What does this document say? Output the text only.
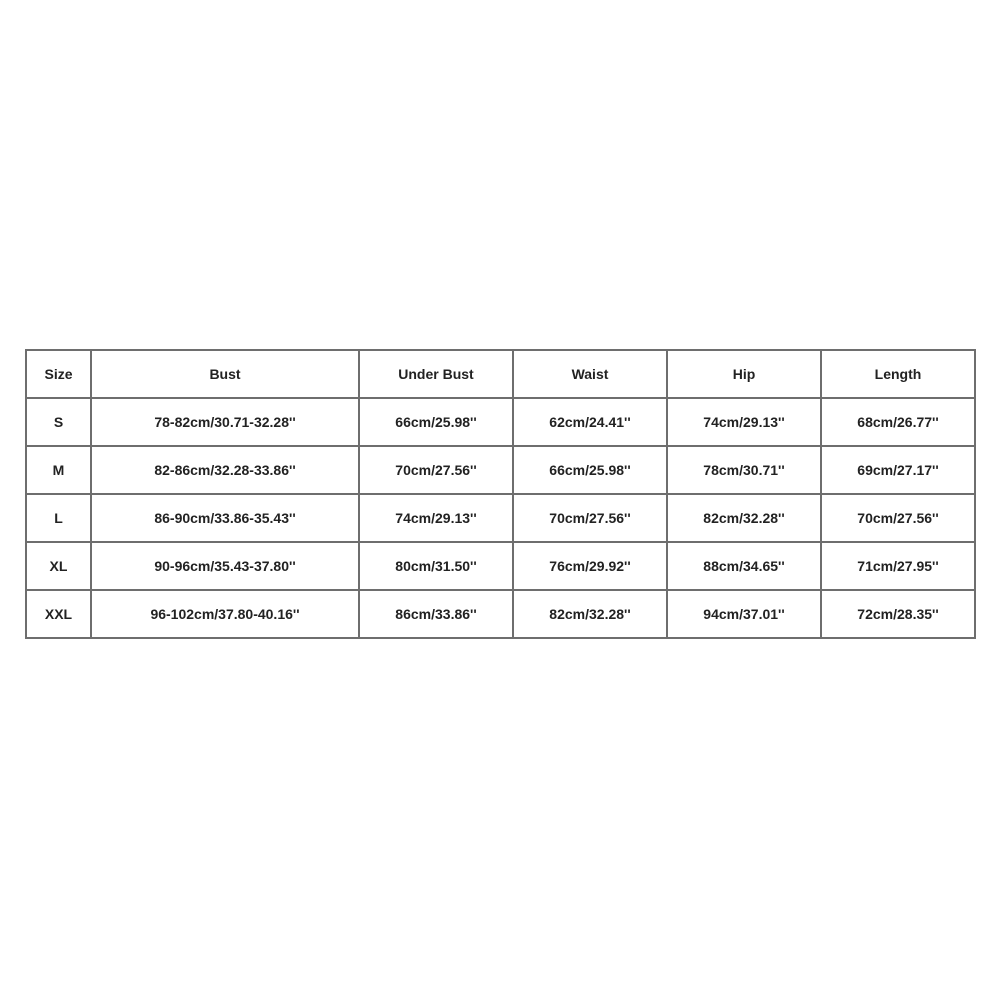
Size	Bust	Under Bust	Waist	Hip	Length
S	78-82cm/30.71-32.28''	66cm/25.98''	62cm/24.41''	74cm/29.13''	68cm/26.77''
M	82-86cm/32.28-33.86''	70cm/27.56''	66cm/25.98''	78cm/30.71''	69cm/27.17''
L	86-90cm/33.86-35.43''	74cm/29.13''	70cm/27.56''	82cm/32.28''	70cm/27.56''
XL	90-96cm/35.43-37.80''	80cm/31.50''	76cm/29.92''	88cm/34.65''	71cm/27.95''
XXL	96-102cm/37.80-40.16''	86cm/33.86''	82cm/32.28''	94cm/37.01''	72cm/28.35''
